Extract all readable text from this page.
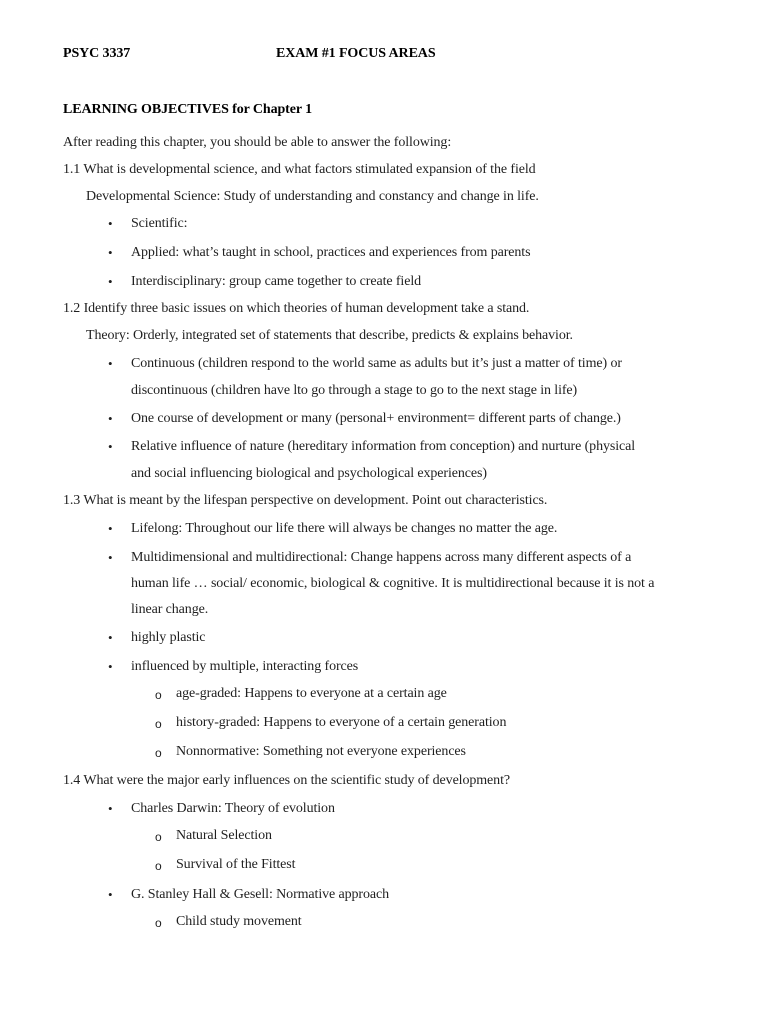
PSYC 3337	EXAM #1 FOCUS AREAS
LEARNING OBJECTIVES for Chapter 1
After reading this chapter, you should be able to answer the following:
1.1 What is developmental science, and what factors stimulated expansion of the field
Developmental Science: Study of understanding and constancy and change in life.
• Scientific:
• Applied: what’s taught in school, practices and experiences from parents
• Interdisciplinary: group came together to create field
1.2 Identify three basic issues on which theories of human development take a stand.
Theory: Orderly, integrated set of statements that describe, predicts & explains behavior.
• Continuous (children respond to the world same as adults but it’s just a matter of time) or
discontinuous (children have lto go through a stage to go to the next stage in life)
• One course of development or many (personal+ environment= different parts of change.)
• Relative influence of nature (hereditary information from conception) and nurture (physical
and social influencing biological and psychological experiences)
1.3 What is meant by the lifespan perspective on development. Point out characteristics.
• Lifelong: Throughout our life there will always be changes no matter the age.
• Multidimensional and multidirectional: Change happens across many different aspects of a
human life … social/ economic, biological & cognitive. It is multidirectional because it is not a
linear change.
• highly plastic
• influenced by multiple, interacting forces
o age-graded: Happens to everyone at a certain age
o history-graded: Happens to everyone of a certain generation
o Nonnormative: Something not everyone experiences
1.4 What were the major early influences on the scientific study of development?
• Charles Darwin: Theory of evolution
o Natural Selection
o Survival of the Fittest
• G. Stanley Hall & Gesell: Normative approach
o Child study movement
